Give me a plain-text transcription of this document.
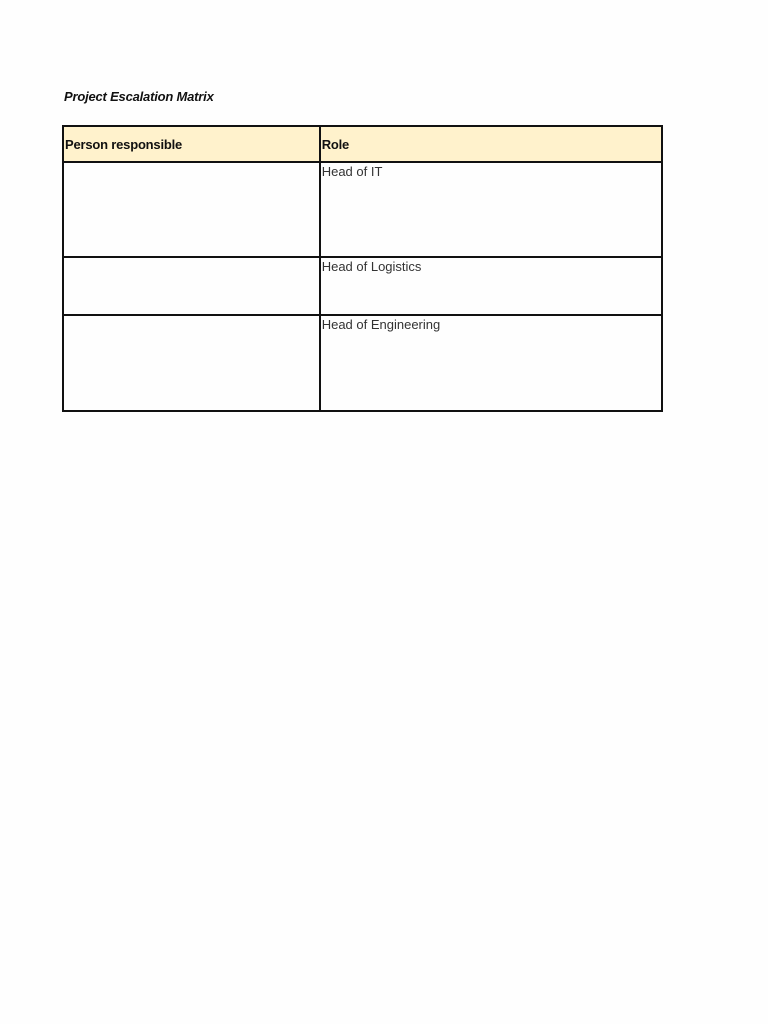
Project Escalation Matrix
Person responsible	Role
	Head of IT
	Head of Logistics
	Head of Engineering
